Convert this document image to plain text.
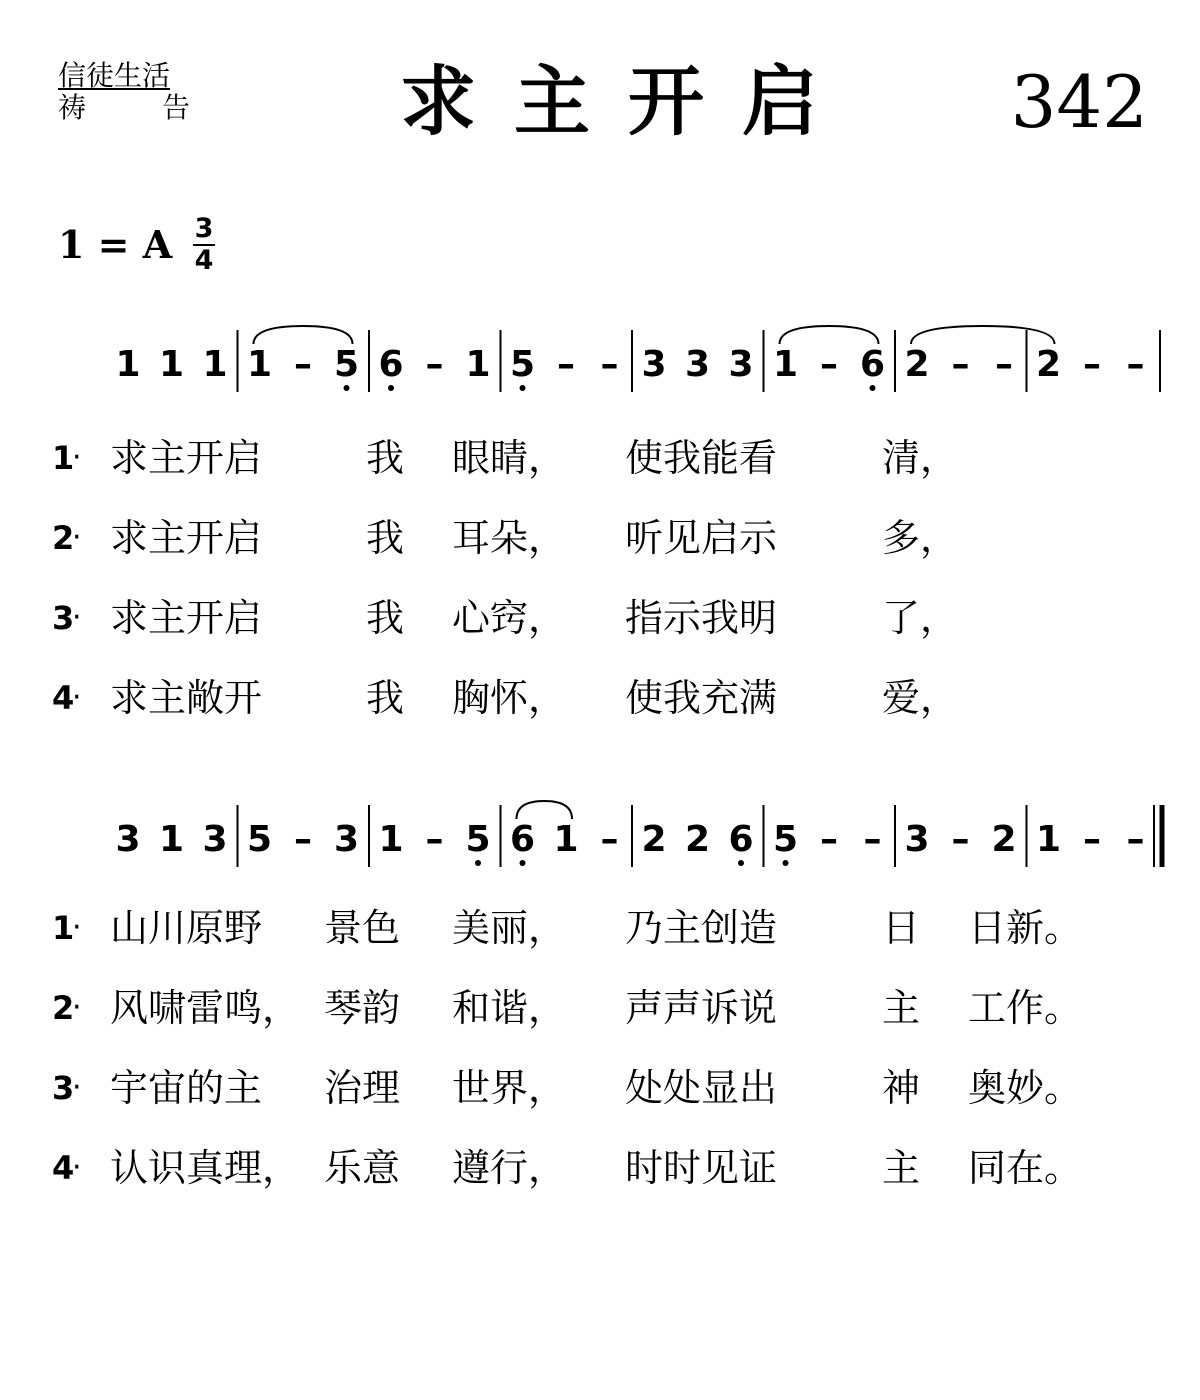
信徒生活
祷告	求主开启 342
1 = A 3
4
1 1 1 1 – 5 6 – 1 5 – – 3 3 3 1 – 6 2 – – 2 – –
1
· 求主开启	我 眼睛， 使我能看	清，
2
· 求主开启	我 耳朵， 听见启示	多，
3
· 求主开启	我 心窍， 指示我明	了，
4
· 求主敞开	我 胸怀， 使我充满	爱，
3 1 3 5 – 3 1 – 5 6 1 – 2 2 6 5 – – 3 – 2 1 – –
1
· 山川原野 景色 美丽， 乃主创造	日 日新。
2
· 风啸雷鸣， 琴韵 和谐， 声声诉说	主 工作。
3
· 宇宙的主 治理 世界， 处处显出	神 奥妙。
4
· 认识真理， 乐意 遵行， 时时见证	主 同在。
